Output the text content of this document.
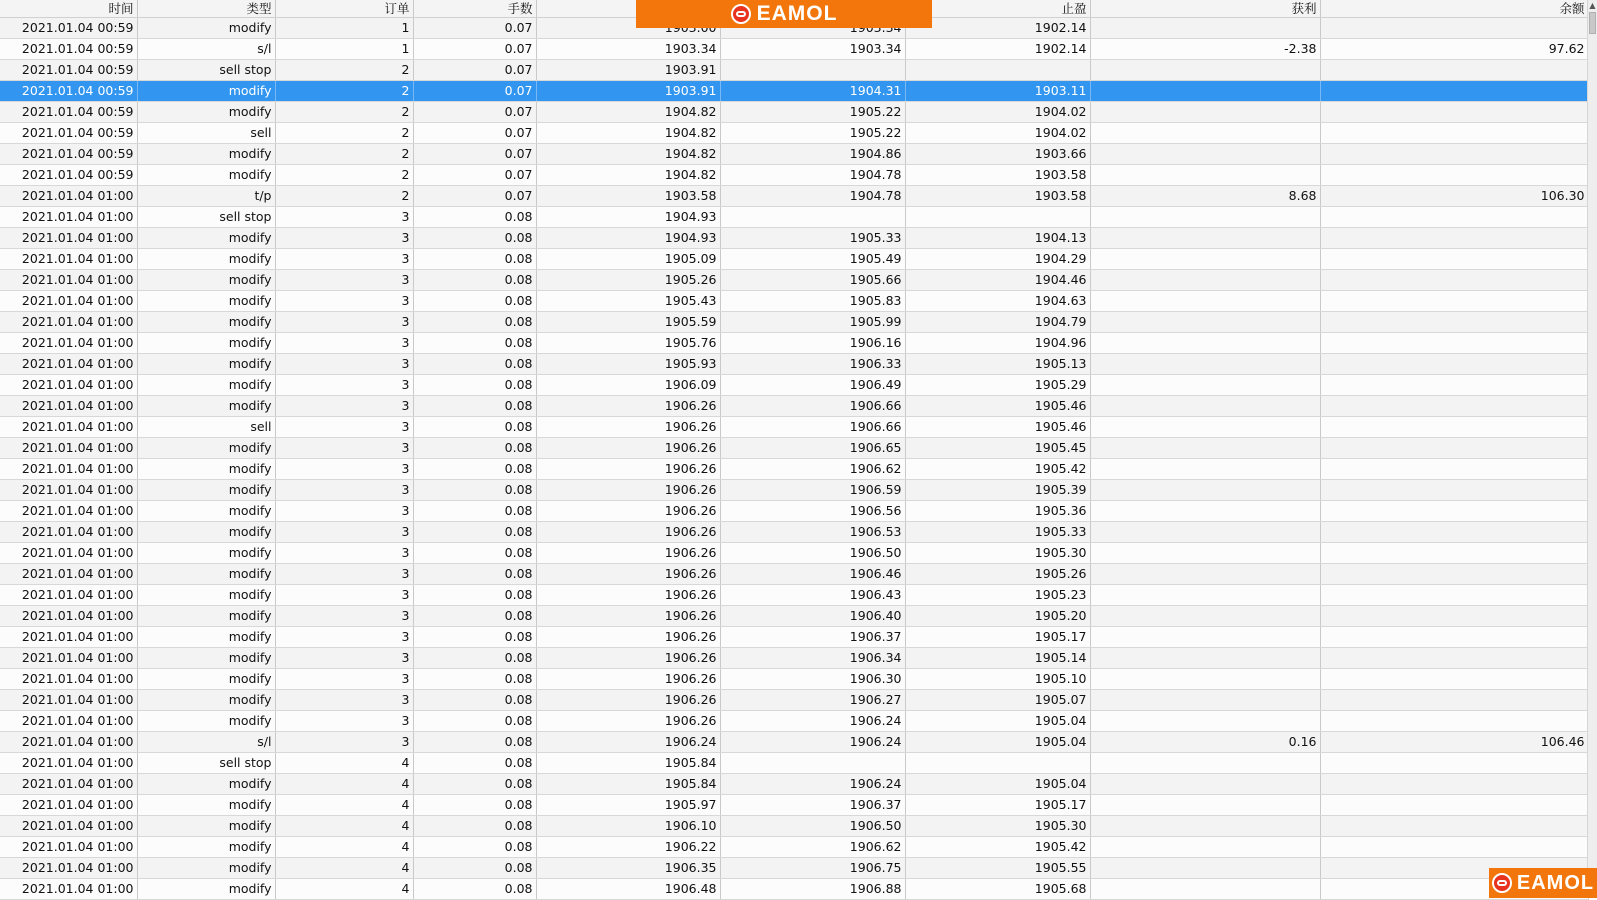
时间	类型	订单	手数			止盈	获利	余额
2021.01.04 00:59	modify	1	0.07			1902.14		
2021.01.04 00:59	s/l	1	0.07	1903.34	1903.34	1902.14	-2.38	97.62
2021.01.04 00:59	sell stop	2	0.07	1903.91				
2021.01.04 00:59	modify	2	0.07	1903.91	1904.31	1903.11		
2021.01.04 00:59	modify	2	0.07	1904.82	1905.22	1904.02		
2021.01.04 00:59	sell	2	0.07	1904.82	1905.22	1904.02		
2021.01.04 00:59	modify	2	0.07	1904.82	1904.86	1903.66		
2021.01.04 00:59	modify	2	0.07	1904.82	1904.78	1903.58		
2021.01.04 01:00	t/p	2	0.07	1903.58	1904.78	1903.58	8.68	106.30
2021.01.04 01:00	sell stop	3	0.08	1904.93				
2021.01.04 01:00	modify	3	0.08	1904.93	1905.33	1904.13		
2021.01.04 01:00	modify	3	0.08	1905.09	1905.49	1904.29		
2021.01.04 01:00	modify	3	0.08	1905.26	1905.66	1904.46		
2021.01.04 01:00	modify	3	0.08	1905.43	1905.83	1904.63		
2021.01.04 01:00	modify	3	0.08	1905.59	1905.99	1904.79		
2021.01.04 01:00	modify	3	0.08	1905.76	1906.16	1904.96		
2021.01.04 01:00	modify	3	0.08	1905.93	1906.33	1905.13		
2021.01.04 01:00	modify	3	0.08	1906.09	1906.49	1905.29		
2021.01.04 01:00	modify	3	0.08	1906.26	1906.66	1905.46		
2021.01.04 01:00	sell	3	0.08	1906.26	1906.66	1905.46		
2021.01.04 01:00	modify	3	0.08	1906.26	1906.65	1905.45		
2021.01.04 01:00	modify	3	0.08	1906.26	1906.62	1905.42		
2021.01.04 01:00	modify	3	0.08	1906.26	1906.59	1905.39		
2021.01.04 01:00	modify	3	0.08	1906.26	1906.56	1905.36		
2021.01.04 01:00	modify	3	0.08	1906.26	1906.53	1905.33		
2021.01.04 01:00	modify	3	0.08	1906.26	1906.50	1905.30		
2021.01.04 01:00	modify	3	0.08	1906.26	1906.46	1905.26		
2021.01.04 01:00	modify	3	0.08	1906.26	1906.43	1905.23		
2021.01.04 01:00	modify	3	0.08	1906.26	1906.40	1905.20		
2021.01.04 01:00	modify	3	0.08	1906.26	1906.37	1905.17		
2021.01.04 01:00	modify	3	0.08	1906.26	1906.34	1905.14		
2021.01.04 01:00	modify	3	0.08	1906.26	1906.30	1905.10		
2021.01.04 01:00	modify	3	0.08	1906.26	1906.27	1905.07		
2021.01.04 01:00	modify	3	0.08	1906.26	1906.24	1905.04		
2021.01.04 01:00	s/l	3	0.08	1906.24	1906.24	1905.04	0.16	106.46
2021.01.04 01:00	sell stop	4	0.08	1905.84				
2021.01.04 01:00	modify	4	0.08	1905.84	1906.24	1905.04		
2021.01.04 01:00	modify	4	0.08	1905.97	1906.37	1905.17		
2021.01.04 01:00	modify	4	0.08	1906.10	1906.50	1905.30		
2021.01.04 01:00	modify	4	0.08	1906.22	1906.62	1905.42		
2021.01.04 01:00	modify	4	0.08	1906.35	1906.75	1905.55		
2021.01.04 01:00	modify	4	0.08	1906.48	1906.88	1905.68		
▲
EAMOL
EAMOL
